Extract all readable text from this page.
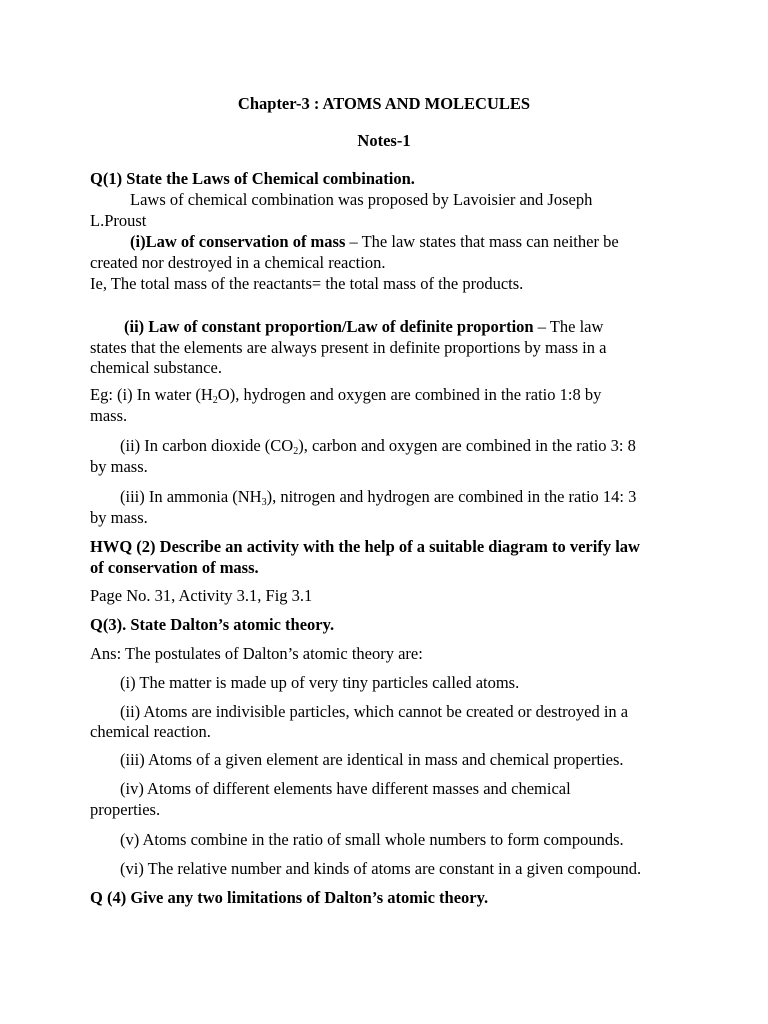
Chapter-3 : ATOMS AND MOLECULES
Notes-1
Q(1) State the Laws of Chemical combination.
Laws of chemical combination was proposed by Lavoisier and Joseph
L.Proust
(i)Law of conservation of mass – The law states that mass can neither be
created nor destroyed in a chemical reaction.
Ie, The total mass of the reactants= the total mass of the products.
(ii) Law of constant proportion/Law of definite proportion – The law
states that the elements are always present in definite proportions by mass in a
chemical substance.
Eg: (i) In water $(H_2O)$, hydrogen and oxygen are combined in the ratio 1:8 by
mass.
(ii) In carbon dioxide $(CO_2)$, carbon and oxygen are combined in the ratio 3: 8
by mass.
(iii) In ammonia $(NH_3)$, nitrogen and hydrogen are combined in the ratio 14: 3
by mass.
HWQ (2) Describe an activity with the help of a suitable diagram to verify law
of conservation of mass.
Page No. 31, Activity 3.1, Fig 3.1
Q(3). State Dalton’s atomic theory.
Ans: The postulates of Dalton’s atomic theory are:
(i) The matter is made up of very tiny particles called atoms.
(ii) Atoms are indivisible particles, which cannot be created or destroyed in a
chemical reaction.
(iii) Atoms of a given element are identical in mass and chemical properties.
(iv) Atoms of different elements have different masses and chemical
properties.
(v) Atoms combine in the ratio of small whole numbers to form compounds.
(vi) The relative number and kinds of atoms are constant in a given compound.
Q (4) Give any two limitations of Dalton’s atomic theory.
